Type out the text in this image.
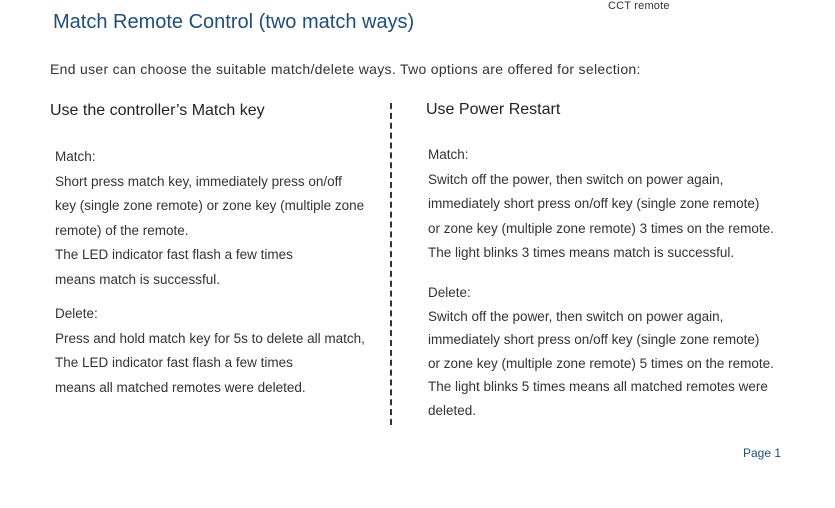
CCT remote
Match Remote Control (two match ways)

End user can choose the suitable match/delete ways. Two options are offered for selection:

Use the controller’s Match key	Use Power Restart
Match:
Short press match key, immediately press on/off
key (single zone remote) or zone key (multiple zone
remote) of the remote.
The LED indicator fast flash a few times
means match is successful.
Delete:
Press and hold match key for 5s to delete all match,
The LED indicator fast flash a few times
means all matched remotes were deleted.
Match:
Switch off the power, then switch on power again,
immediately short press on/off key (single zone remote)
or zone key (multiple zone remote) 3 times on the remote.
The light blinks 3 times means match is successful.
Delete:
Switch off the power, then switch on power again,
immediately short press on/off key (single zone remote)
or zone key (multiple zone remote) 5 times on the remote.
The light blinks 5 times means all matched remotes were
deleted.
Page 1
